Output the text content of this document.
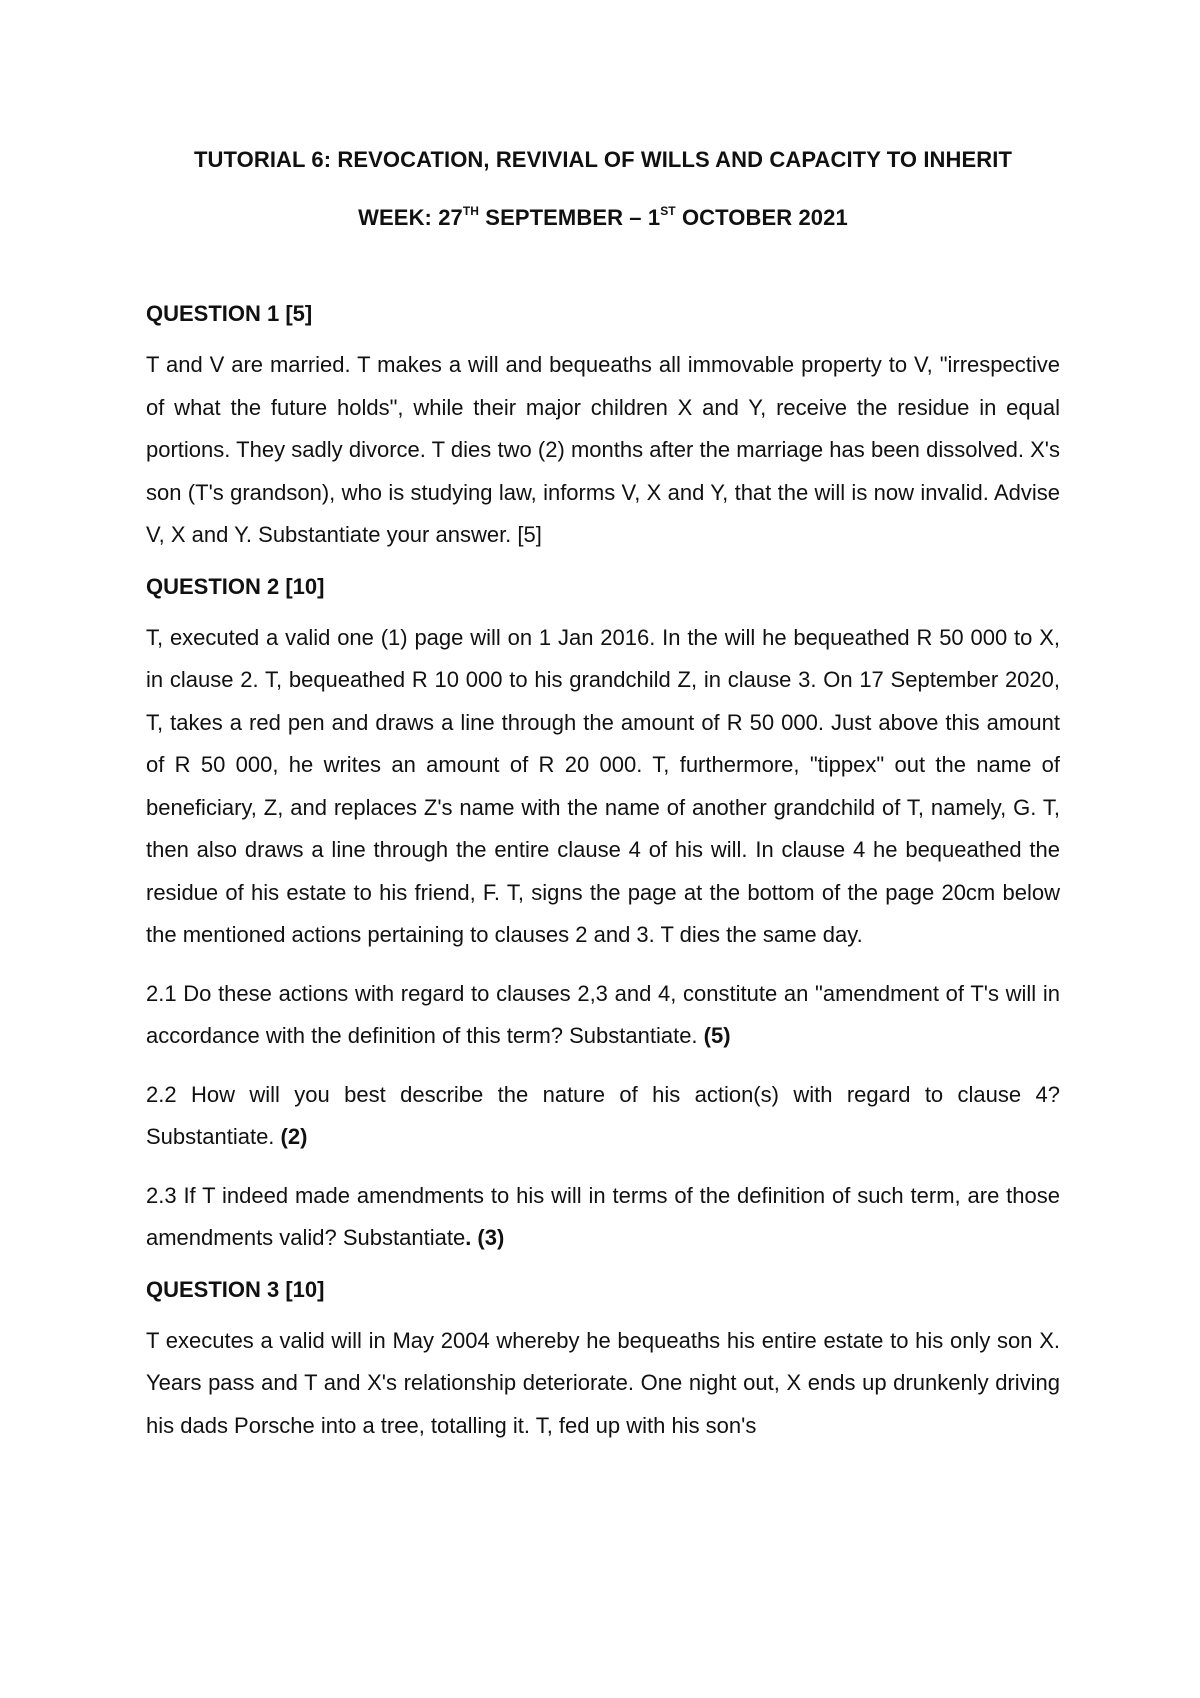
TUTORIAL 6: REVOCATION, REVIVIAL OF WILLS AND CAPACITY TO INHERIT

WEEK: 27TH SEPTEMBER – 1ST OCTOBER 2021

QUESTION 1 [5]

T and V are married. T makes a will and bequeaths all immovable property to V, "irrespective of what the future holds", while their major children X and Y, receive the residue in equal portions. They sadly divorce. T dies two (2) months after the marriage has been dissolved. X's son (T's grandson), who is studying law, informs V, X and Y, that the will is now invalid. Advise V, X and Y. Substantiate your answer. [5]

QUESTION 2 [10]

T, executed a valid one (1) page will on 1 Jan 2016. In the will he bequeathed R 50 000 to X, in clause 2. T, bequeathed R 10 000 to his grandchild Z, in clause 3. On 17 September 2020, T, takes a red pen and draws a line through the amount of R 50 000. Just above this amount of R 50 000, he writes an amount of R 20 000. T, furthermore, "tippex" out the name of beneficiary, Z, and replaces Z's name with the name of another grandchild of T, namely, G. T, then also draws a line through the entire clause 4 of his will. In clause 4 he bequeathed the residue of his estate to his friend, F. T, signs the page at the bottom of the page 20cm below the mentioned actions pertaining to clauses 2 and 3. T dies the same day.

2.1 Do these actions with regard to clauses 2,3 and 4, constitute an "amendment of T's will in accordance with the definition of this term? Substantiate. (5)

2.2 How will you best describe the nature of his action(s) with regard to clause 4? Substantiate. (2)

2.3 If T indeed made amendments to his will in terms of the definition of such term, are those amendments valid? Substantiate. (3)

QUESTION 3 [10]

T executes a valid will in May 2004 whereby he bequeaths his entire estate to his only son X. Years pass and T and X's relationship deteriorate. One night out, X ends up drunkenly driving his dads Porsche into a tree, totalling it. T, fed up with his son's
